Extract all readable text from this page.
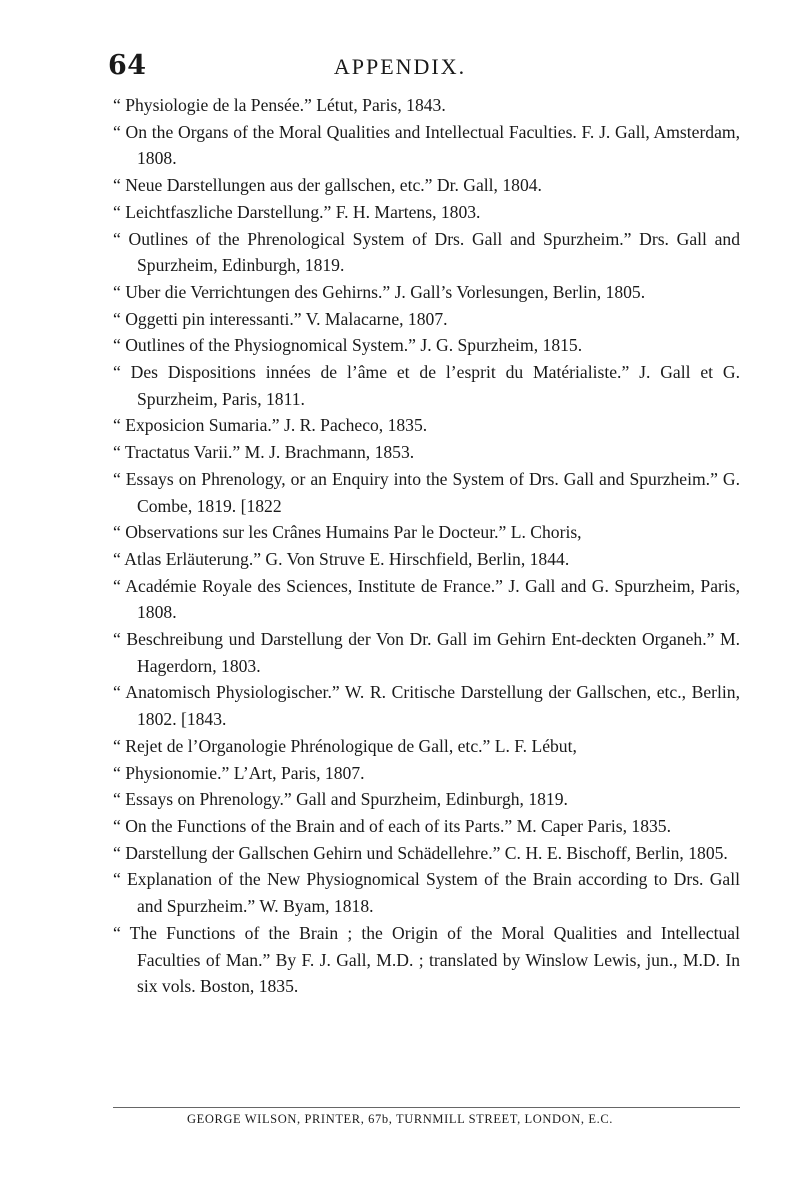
64	APPENDIX.
“ Physiologie de la Pensée.” Létut, Paris, 1843.
“ On the Organs of the Moral Qualities and Intellectual Faculties. F. J. Gall, Amsterdam, 1808.
“ Neue Darstellungen aus der gallschen, etc.” Dr. Gall, 1804.
“ Leichtfaszliche Darstellung.” F. H. Martens, 1803.
“ Outlines of the Phrenological System of Drs. Gall and Spurzheim.” Drs. Gall and Spurzheim, Edinburgh, 1819.
“ Uber die Verrichtungen des Gehirns.” J. Gall’s Vorlesungen, Berlin, 1805.
“ Oggetti pin interessanti.” V. Malacarne, 1807.
“ Outlines of the Physiognomical System.” J. G. Spurzheim, 1815.
“ Des Dispositions innées de l’âme et de l’esprit du Matérialiste.” J. Gall et G. Spurzheim, Paris, 1811.
“ Exposicion Sumaria.” J. R. Pacheco, 1835.
“ Tractatus Varii.” M. J. Brachmann, 1853.
“ Essays on Phrenology, or an Enquiry into the System of Drs. Gall and Spurzheim.” G. Combe, 1819. [1822
“ Observations sur les Crânes Humains Par le Docteur.” L. Choris,
“ Atlas Erläuterung.” G. Von Struve E. Hirschfield, Berlin, 1844.
“ Académie Royale des Sciences, Institute de France.” J. Gall and G. Spurzheim, Paris, 1808.
“ Beschreibung und Darstellung der Von Dr. Gall im Gehirn Ent-deckten Organeh.” M. Hagerdorn, 1803.
“ Anatomisch Physiologischer.” W. R. Critische Darstellung der Gallschen, etc., Berlin, 1802. [1843.
“ Rejet de l’Organologie Phrénologique de Gall, etc.” L. F. Lébut,
“ Physionomie.” L’Art, Paris, 1807.
“ Essays on Phrenology.” Gall and Spurzheim, Edinburgh, 1819.
“ On the Functions of the Brain and of each of its Parts.” M. Caper Paris, 1835.
“ Darstellung der Gallschen Gehirn und Schädellehre.” C. H. E. Bischoff, Berlin, 1805.
“ Explanation of the New Physiognomical System of the Brain according to Drs. Gall and Spurzheim.” W. Byam, 1818.
“ The Functions of the Brain ; the Origin of the Moral Qualities and Intellectual Faculties of Man.” By F. J. Gall, M.D. ; translated by Winslow Lewis, jun., M.D. In six vols. Boston, 1835.
GEORGE WILSON, PRINTER, 67b, TURNMILL STREET, LONDON, E.C.
